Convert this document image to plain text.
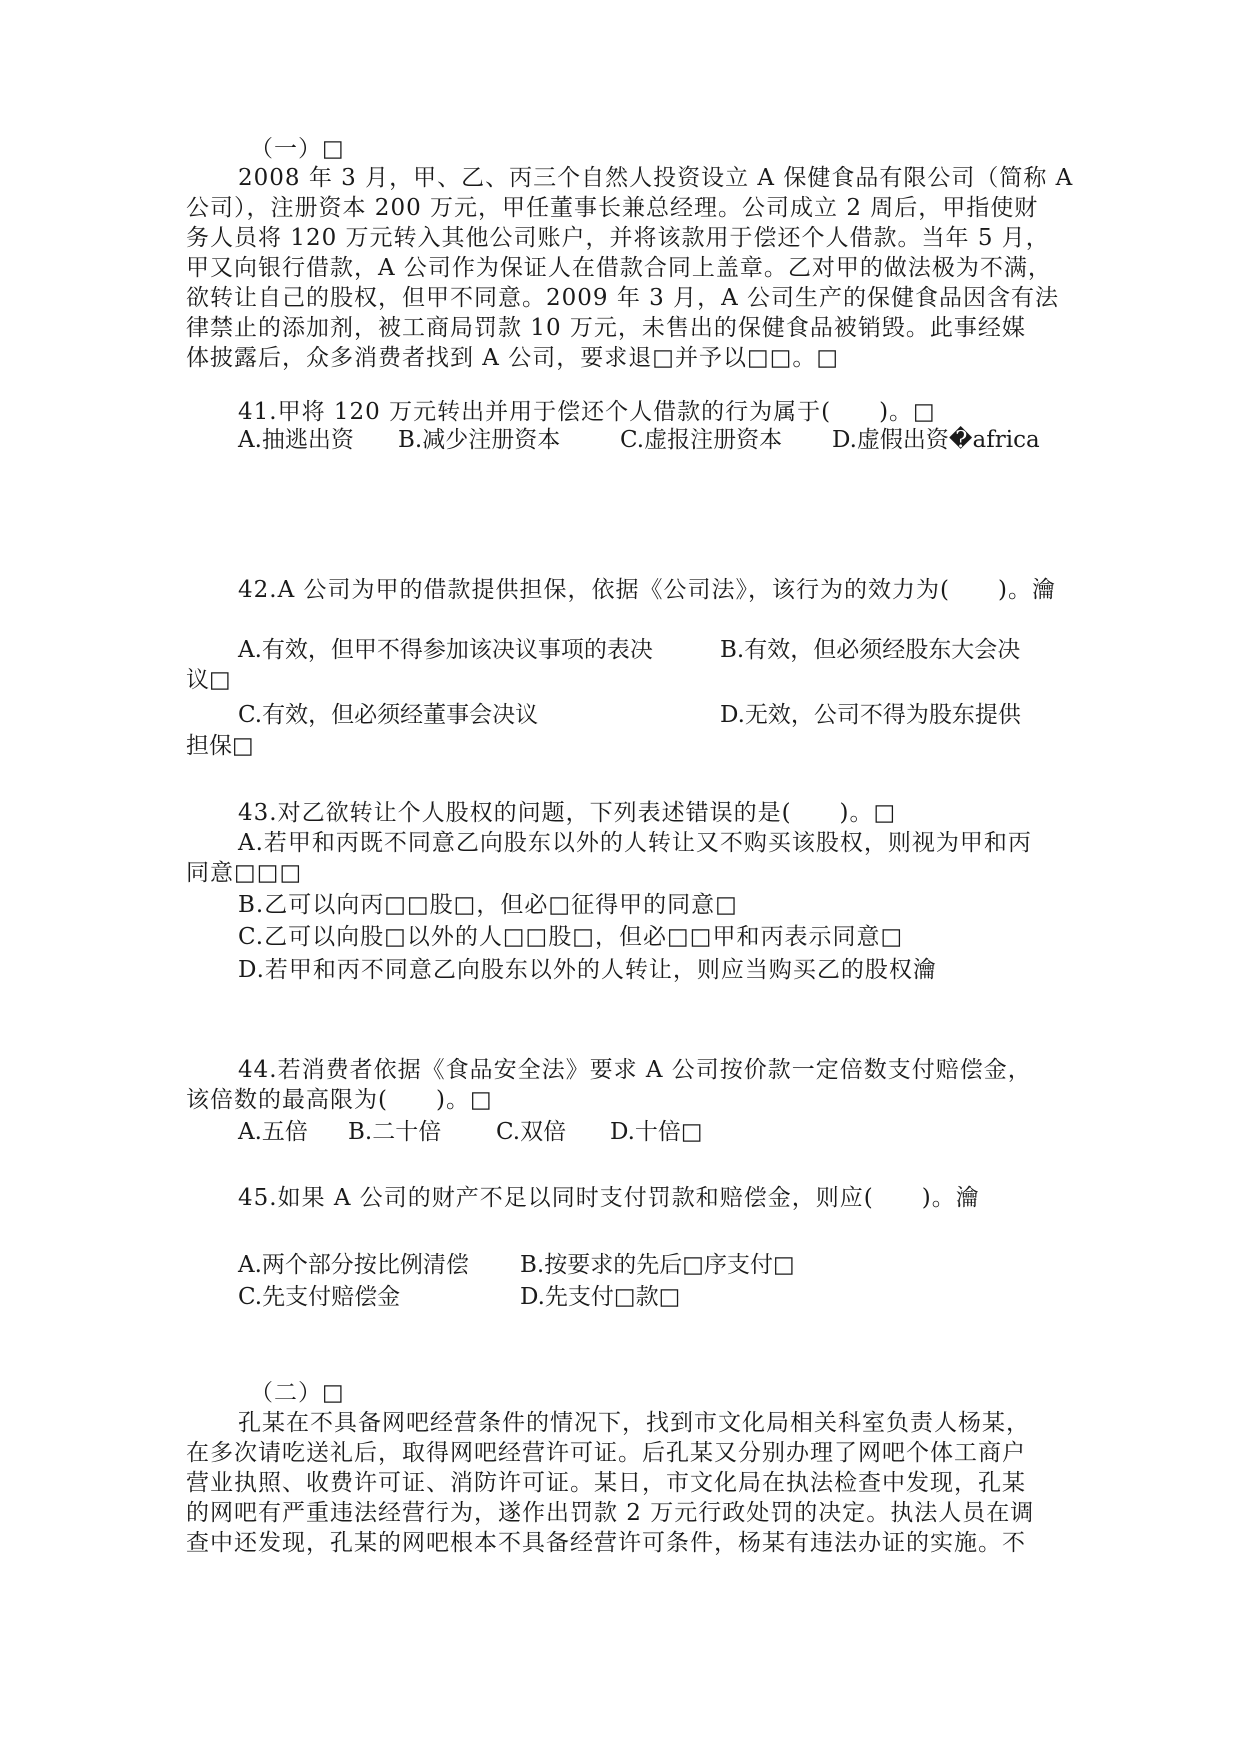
（一）□
2008 年 3 月，甲、乙、丙三个自然人投资设立 A 保健食品有限公司（简称 A
公司），注册资本 200 万元，甲任董事长兼总经理。公司成立 2 周后，甲指使财
务人员将 120 万元转入其他公司账户，并将该款用于偿还个人借款。当年 5 月，
甲又向银行借款，A 公司作为保证人在借款合同上盖章。乙对甲的做法极为不满，
欲转让自己的股权，但甲不同意。2009 年 3 月，A 公司生产的保健食品因含有法
律禁止的添加剂，被工商局罚款 10 万元，未售出的保健食品被销毁。此事经媒
体披露后，众多消费者找到 A 公司，要求退□并予以□□。□
41.甲将 120 万元转出并用于偿还个人借款的行为属于(　　)。□
A.抽逃出资 B.减少注册资本	C.虚报注册资本 D.虚假出资�africa
42.A 公司为甲的借款提供担保，依据《公司法》，该行为的效力为(　　)。瀹
A.有效，但甲不得参加该决议事项的表决	B.有效，但必须经股东大会决
议□
C.有效，但必须经董事会决议	D.无效，公司不得为股东提供
担保□
43.对乙欲转让个人股权的问题，下列表述错误的是(　　)。□
A.若甲和丙既不同意乙向股东以外的人转让又不购买该股权，则视为甲和丙
同意□□□
B.乙可以向丙□□股□，但必□征得甲的同意□
C.乙可以向股□以外的人□□股□，但必□□甲和丙表示同意□
D.若甲和丙不同意乙向股东以外的人转让，则应当购买乙的股权瀹
44.若消费者依据《食品安全法》要求 A 公司按价款一定倍数支付赔偿金，
该倍数的最高限为(　　)。□
A.五倍 B.二十倍 C.双倍 D.十倍□
45.如果 A 公司的财产不足以同时支付罚款和赔偿金，则应(　　)。瀹
A.两个部分按比例清偿 B.按要求的先后□序支付□
C.先支付赔偿金	D.先支付□款□
（二）□
孔某在不具备网吧经营条件的情况下，找到市文化局相关科室负责人杨某，
在多次请吃送礼后，取得网吧经营许可证。后孔某又分别办理了网吧个体工商户
营业执照、收费许可证、消防许可证。某日，市文化局在执法检查中发现，孔某
的网吧有严重违法经营行为，遂作出罚款 2 万元行政处罚的决定。执法人员在调
查中还发现，孔某的网吧根本不具备经营许可条件，杨某有违法办证的实施。不
